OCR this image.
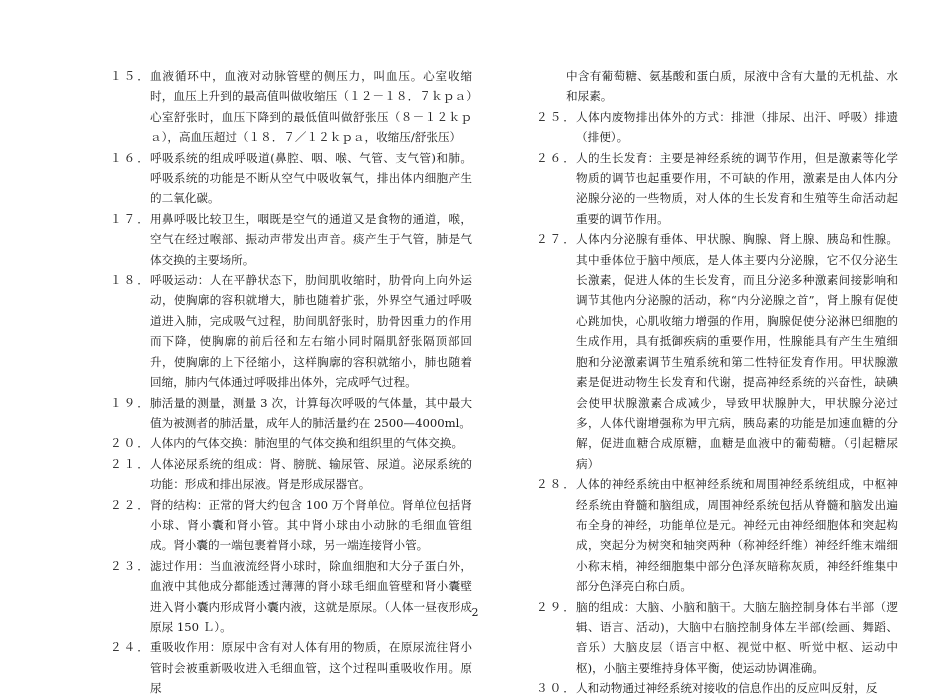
１５． 血液循环中，血液对动脉管壁的侧压力，叫血压。心室收缩时，血压上升到的最高值叫做收缩压（１２－１８．７ｋｐａ）心室舒张时，血压下降到的最低值叫做舒张压（８－１２ｋｐａ），高血压超过（１８．７／１２ｋｐａ，收缩压/舒张压）
１６． 呼吸系统的组成呼吸道(鼻腔、咽、喉、气管、支气管)和肺。呼吸系统的功能是不断从空气中吸收氧气，排出体内细胞产生的二氧化碳。
１７． 用鼻呼吸比较卫生，咽既是空气的通道又是食物的通道，喉，空气在经过喉部、振动声带发出声音。痰产生于气管，肺是气体交换的主要场所。
１８． 呼吸运动：人在平静状态下，肋间肌收缩时，肋骨向上向外运动，使胸廓的容积就增大，肺也随着扩张，外界空气通过呼吸道进入肺，完成吸气过程，肋间肌舒张时，肋骨因重力的作用而下降，使胸廓的前后径和左右缩小同时隔肌舒张隔顶部回升，使胸廓的上下径缩小，这样胸廓的容积就缩小，肺也随着回缩，肺内气体通过呼吸排出体外，完成呼气过程。
１９． 肺活量的测量，测量 3 次，计算每次呼吸的气体量，其中最大值为被测者的肺活量，成年人的肺活量约在 2500—4000ml。
２０． 人体内的气体交换：肺泡里的气体交换和组织里的气体交换。
２１． 人体泌尿系统的组成：肾、膀胱、输尿管、尿道。泌尿系统的功能：形成和排出尿液。肾是形成尿器官。
２２． 肾的结构：正常的肾大约包含 100 万个肾单位。肾单位包括肾小球、肾小囊和肾小管。其中肾小球由小动脉的毛细血管组成。肾小囊的一端包裹着肾小球，另一端连接肾小管。
２３． 滤过作用：当血液流经肾小球时，除血细胞和大分子蛋白外，血液中其他成分都能透过薄薄的肾小球毛细血管壁和肾小囊壁进入肾小囊内形成肾小囊内液，这就是原尿。（人体一昼夜形成原尿 150 Ｌ）。
２４． 重吸收作用：原尿中含有对人体有用的物质，在原尿流往肾小管时会被重新吸收进入毛细血管，这个过程叫重吸收作用。原尿
中含有葡萄糖、氨基酸和蛋白质，尿液中含有大量的无机盐、水和尿素。
２５． 人体内废物排出体外的方式：排泄（排尿、出汗、呼吸）排遗（排便）。
２６． 人的生长发育：主要是神经系统的调节作用，但是激素等化学物质的调节也起重要作用，不可缺的作用，激素是由人体内分泌腺分泌的一些物质，对人体的生长发育和生殖等生命活动起重要的调节作用。
２７． 人体内分泌腺有垂体、甲状腺、胸腺、肾上腺、胰岛和性腺。其中垂体位于脑中颅底，是人体主要内分泌腺，它不仅分泌生长激素，促进人体的生长发育，而且分泌多种激素间接影响和调节其他内分泌腺的活动，称“内分泌腺之首”，肾上腺有促使心跳加快，心肌收缩力增强的作用，胸腺促使分泌淋巴细胞的生成作用，具有抵御疾病的重要作用，性腺能具有产生生殖细胞和分泌激素调节生殖系统和第二性特征发育作用。甲状腺激素是促进动物生长发育和代谢，提高神经系统的兴奋性，缺碘会使甲状腺激素合成减少，导致甲状腺肿大，甲状腺分泌过多，人体代谢增强称为甲亢病，胰岛素的功能是加速血糖的分解，促进血糖合成原糖，血糖是血液中的葡萄糖。（引起糖尿病）
２８． 人体的神经系统由中枢神经系统和周围神经系统组成，中枢神经系统由脊髓和脑组成，周围神经系统包括从脊髓和脑发出遍布全身的神经，功能单位是元。神经元由神经细胞体和突起构成，突起分为树突和轴突两种（称神经纤维）神经纤维末端细小称末梢，神经细胞集中部分色泽灰暗称灰质，神经纤维集中部分色泽亮白称白质。
２９． 脑的组成：大脑、小脑和脑干。大脑左脑控制身体右半部（逻辑、语言、活动)，大脑中右脑控制身体左半部(绘画、舞蹈、音乐）大脑皮层（语言中枢、视觉中枢、听觉中枢、运动中枢)，小脑主要维持身体平衡，使运动协调准确。
３０． 人和动物通过神经系统对接收的信息作出的反应叫反射，反
2
